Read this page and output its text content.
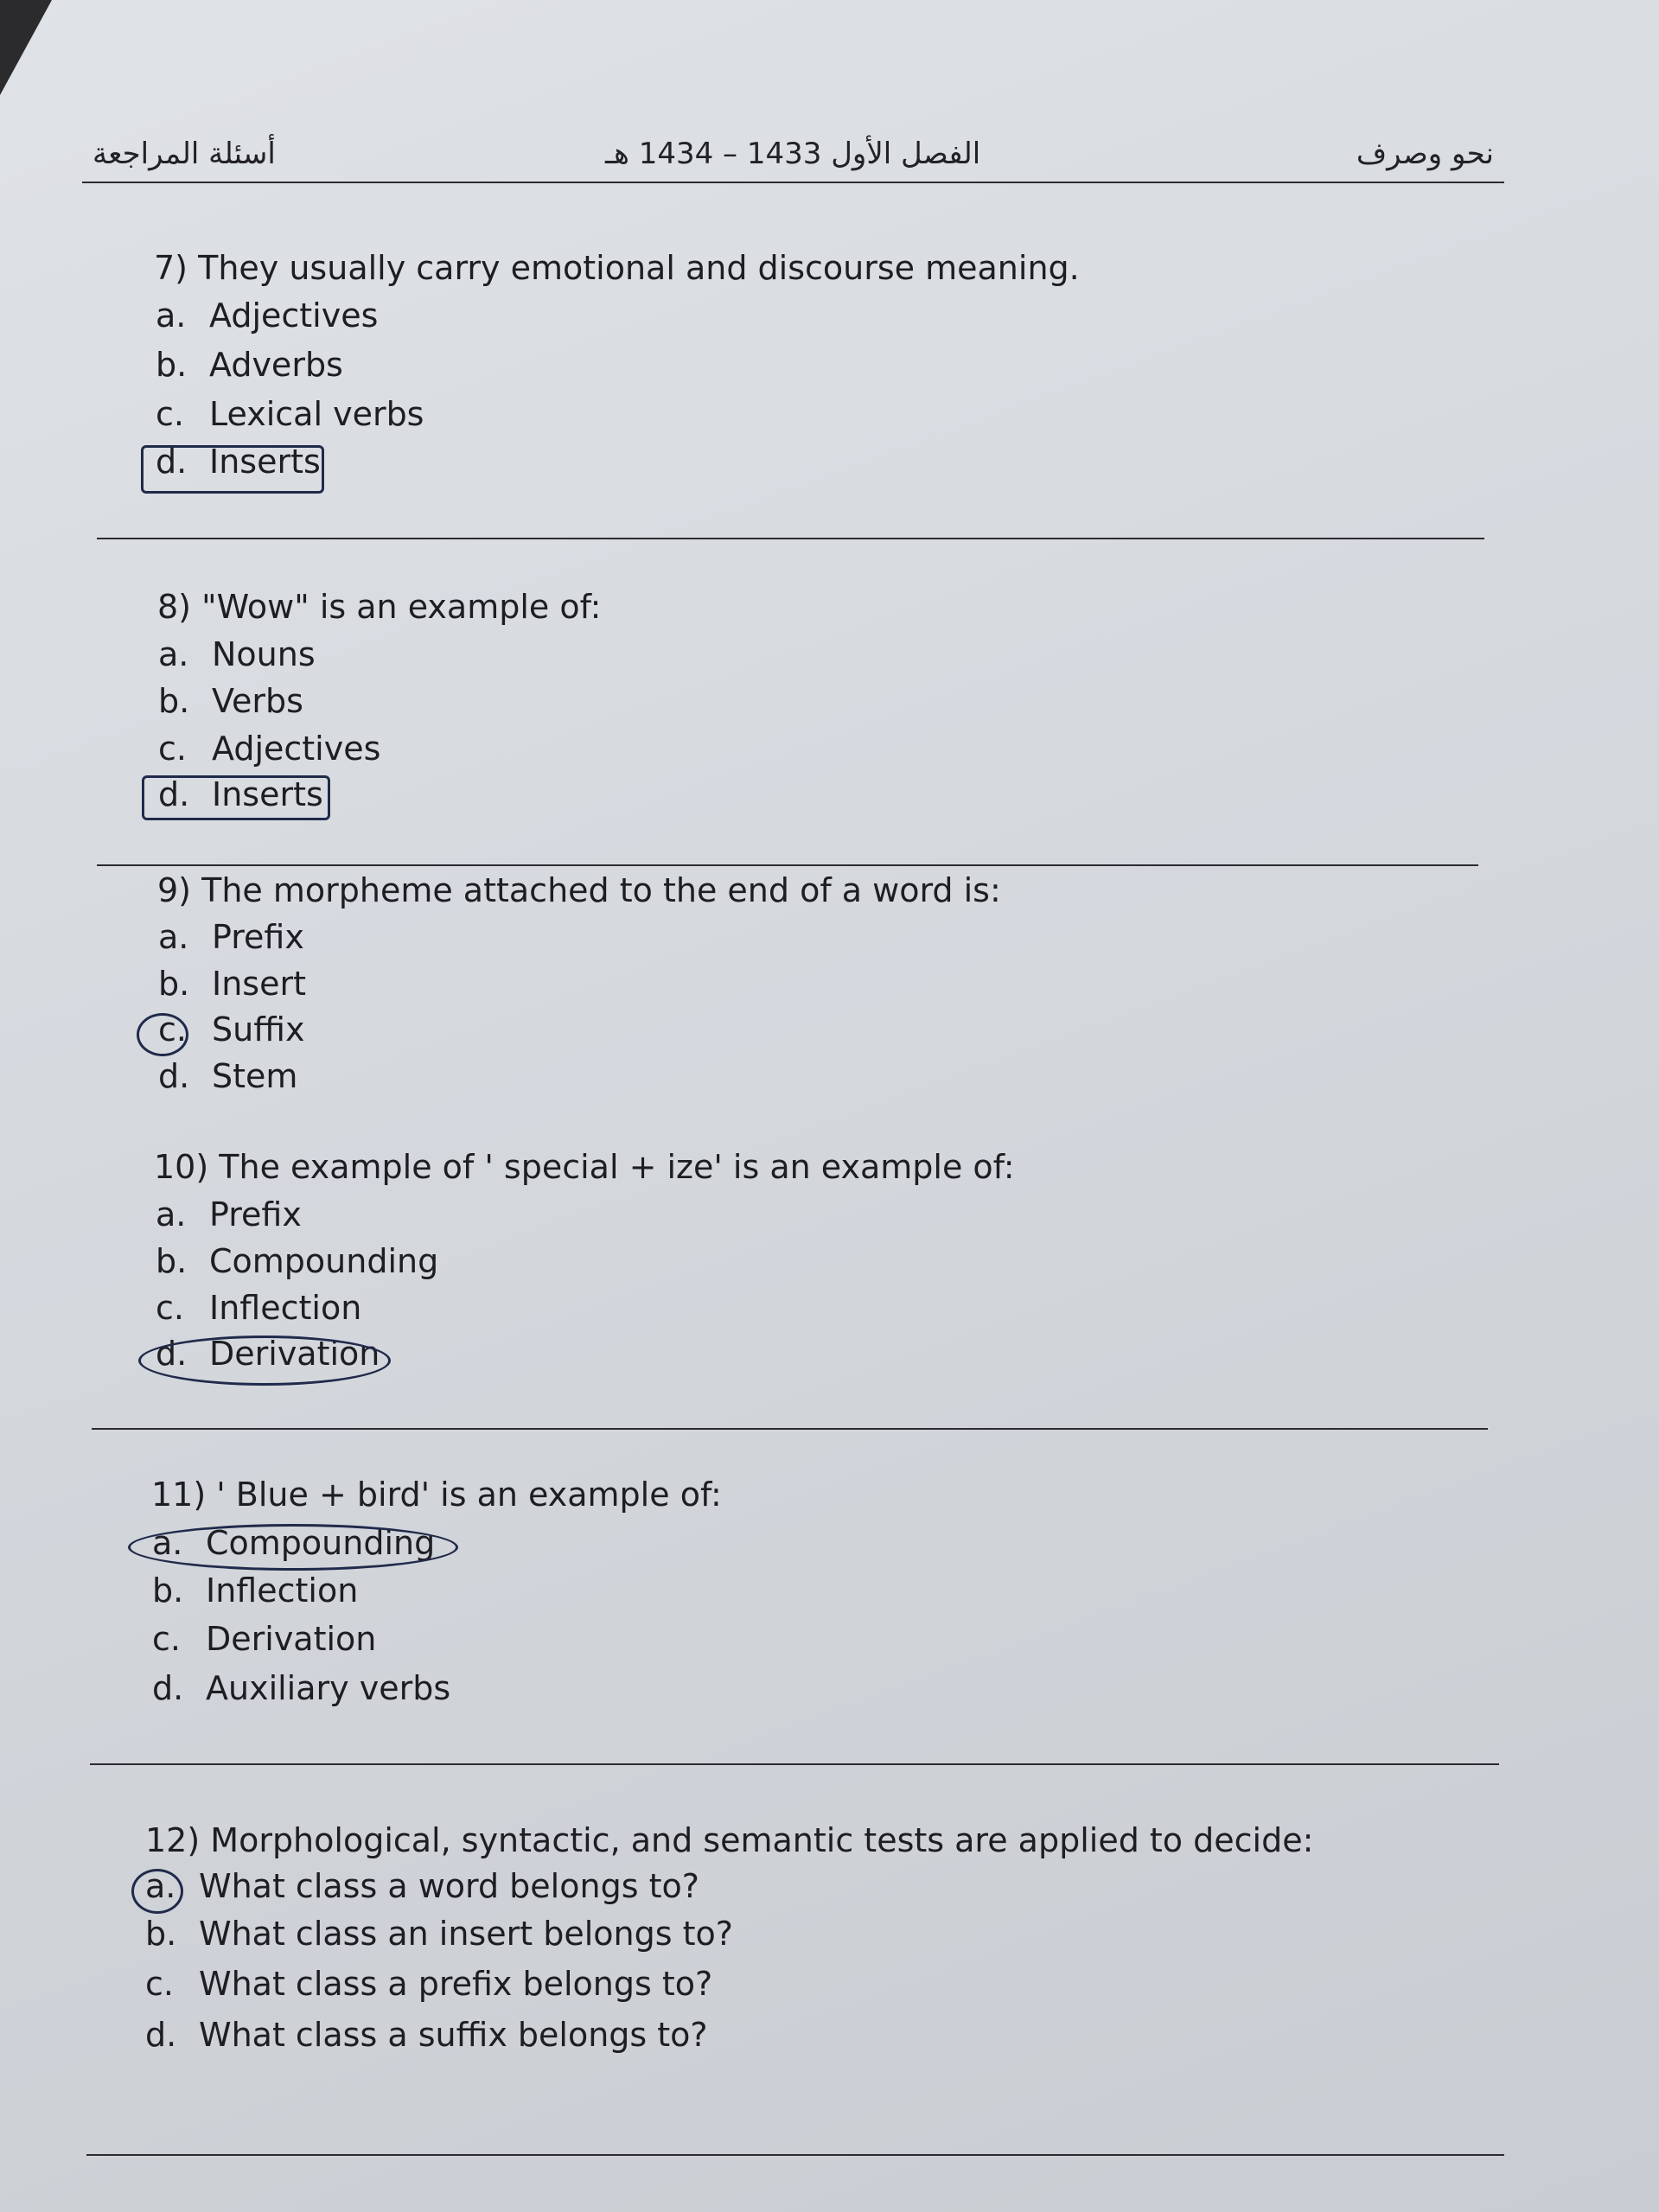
أسئلة المراجعة	الفصل الأول 1433 – 1434 هـ	نحو وصرف
7) They usually carry emotional and discourse meaning.
a. Adjectives
b. Adverbs
c. Lexical verbs
d. Inserts
8) "Wow" is an example of:
a. Nouns
b. Verbs
c. Adjectives
d. Inserts
9) The morpheme attached to the end of a word is:
a. Prefix
b. Insert
c. Suffix
d. Stem
10) The example of ' special + ize' is an example of:
a. Prefix
b. Compounding
c. Inflection
d. Derivation
11) ' Blue + bird' is an example of:
a. Compounding
b. Inflection
c. Derivation
d. Auxiliary verbs
12) Morphological, syntactic, and semantic tests are applied to decide:
a. What class a word belongs to?
b. What class an insert belongs to?
c. What class a prefix belongs to?
d. What class a suffix belongs to?
